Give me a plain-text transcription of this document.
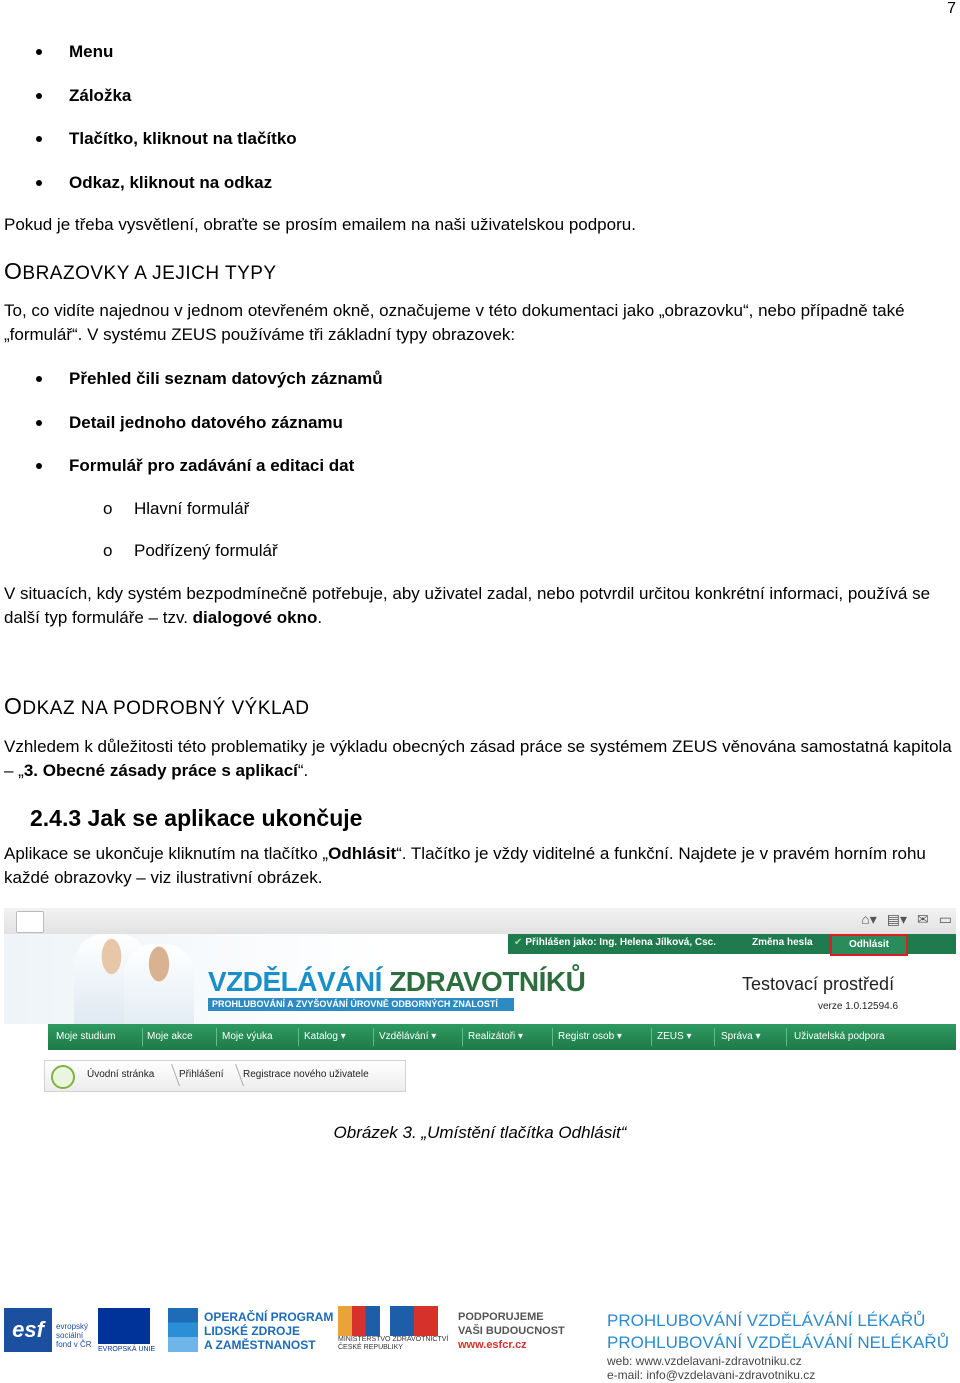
7
Menu
Záložka
Tlačítko, kliknout na tlačítko
Odkaz, kliknout na odkaz
Pokud je třeba vysvětlení, obraťte se prosím emailem na naši uživatelskou podporu.
OBRAZOVKY A JEJICH TYPY
To, co vidíte najednou v jednom otevřeném okně, označujeme v této dokumentaci jako „obrazovku“, nebo případně také „formulář“. V systému ZEUS používáme tři základní typy obrazovek:
Přehled čili seznam datových záznamů
Detail jednoho datového záznamu
Formulář pro zadávání a editaci dat
o Hlavní formulář
o Podřízený formulář
V situacích, kdy systém bezpodmínečně potřebuje, aby uživatel zadal, nebo potvrdil určitou konkrétní informaci, používá se další typ formuláře – tzv. dialogové okno.
ODKAZ NA PODROBNÝ VÝKLAD
Vzhledem k důležitosti této problematiky je výkladu obecných zásad práce se systémem ZEUS věnována samostatná kapitola – „3. Obecné zásady práce s aplikací“.
2.4.3 Jak se aplikace ukončuje
Aplikace se ukončuje kliknutím na tlačítko „Odhlásit“. Tlačítko je vždy viditelné a funkční. Najdete je v pravém horním rohu každé obrazovky – viz ilustrativní obrázek.
⌂▾ ▤▾ ✉ ▭
✔ Přihlášen jako: Ing. Helena Jílková, Csc.	Změna hesla	Odhlásit
VZDĚLÁVÁNÍ ZDRAVOTNÍKŮ
PROHLUBOVÁNÍ A ZVYŠOVÁNÍ ÚROVNĚ ODBORNÝCH ZNALOSTÍ
Testovací prostředí
verze 1.0.12594.6
Moje studium	Moje akce	Moje výuka	Katalog ▾	Vzdělávání ▾	Realizátoři ▾	Registr osob ▾	ZEUS ▾	Správa ▾	Uživatelská podpora
Úvodní stránka Přihlášení Registrace nového uživatele
Obrázek 3. „Umístění tlačítka Odhlásit“
esf	evropský
sociální
fond v ČR
EVROPSKÁ UNIE
OPERAČNÍ PROGRAM
LIDSKÉ ZDROJE
A ZAMĚSTNANOST	MINISTERSTVO ZDRAVOTNICTVÍ
ČESKÉ REPUBLIKY
PODPORUJEME
VAŠI BUDOUCNOST
www.esfcr.cz
PROHLUBOVÁNÍ VZDĚLÁVÁNÍ LÉKAŘŮ
PROHLUBOVÁNÍ VZDĚLÁVÁNÍ NELÉKAŘŮ
web: www.vzdelavani-zdravotniku.cz
e-mail: info@vzdelavani-zdravotniku.cz
